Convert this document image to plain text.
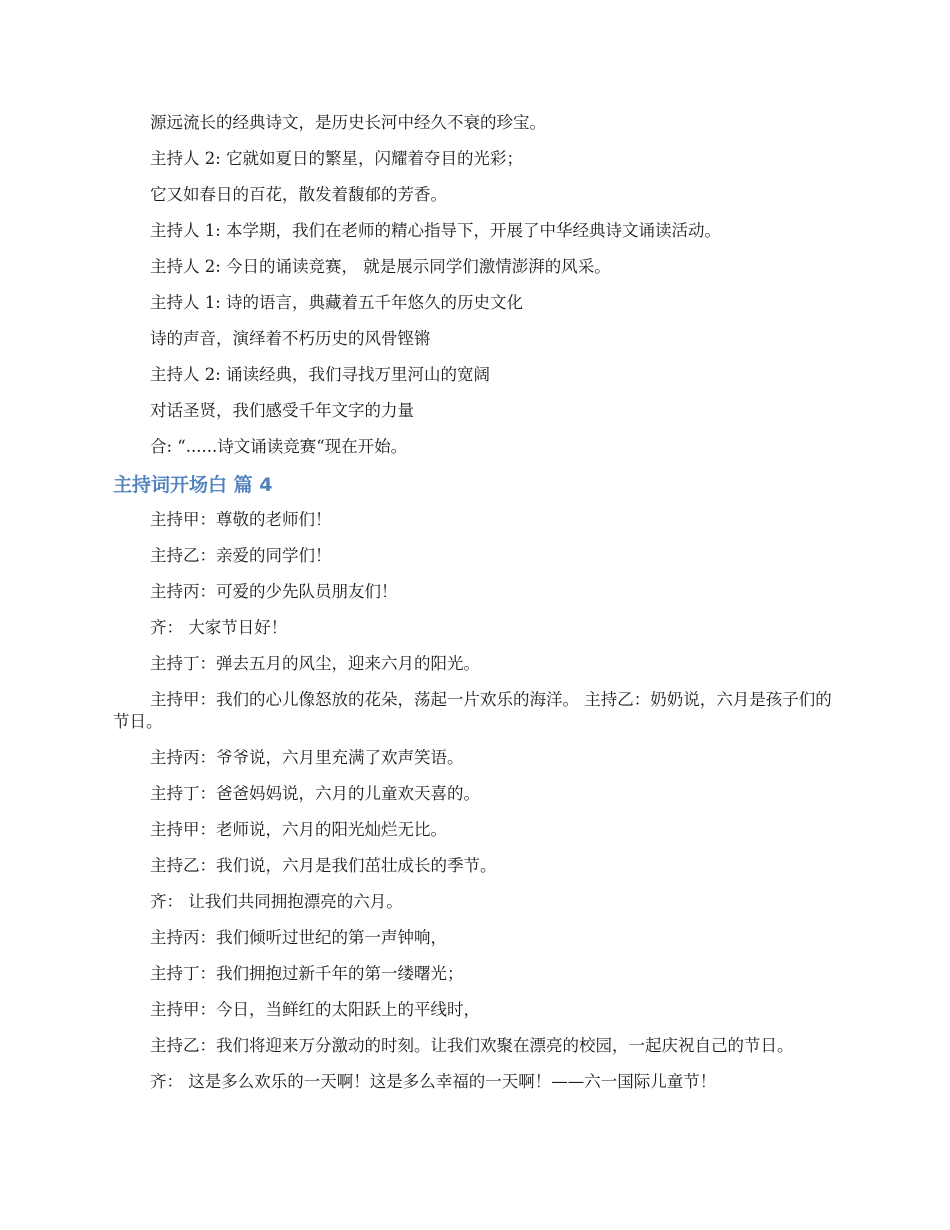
源远流长的经典诗文，是历史长河中经久不衰的珍宝。

主持人 2: 它就如夏日的繁星，闪耀着夺目的光彩；

它又如春日的百花，散发着馥郁的芳香。

主持人 1: 本学期，我们在老师的精心指导下，开展了中华经典诗文诵读活动。

主持人 2: 今日的诵读竞赛， 就是展示同学们激情澎湃的风采。

主持人 1: 诗的语言，典藏着五千年悠久的历史文化

诗的声音，演绎着不朽历史的风骨铿锵

主持人 2: 诵读经典，我们寻找万里河山的宽阔

对话圣贤，我们感受千年文字的力量

合: “......诗文诵读竞赛“现在开始。

主持词开场白 篇 4

主持甲：尊敬的老师们！

主持乙：亲爱的同学们！

主持丙：可爱的少先队员朋友们！

齐： 大家节日好！

主持丁：弹去五月的风尘，迎来六月的阳光。

主持甲：我们的心儿像怒放的花朵，荡起一片欢乐的海洋。 主持乙：奶奶说，六月是孩子们的节日。

主持丙：爷爷说，六月里充满了欢声笑语。

主持丁：爸爸妈妈说，六月的儿童欢天喜的。

主持甲：老师说，六月的阳光灿烂无比。

主持乙：我们说，六月是我们茁壮成长的季节。

齐： 让我们共同拥抱漂亮的六月。

主持丙：我们倾听过世纪的第一声钟响，

主持丁：我们拥抱过新千年的第一缕曙光；

主持甲：今日，当鲜红的太阳跃上的平线时，

主持乙：我们将迎来万分激动的时刻。让我们欢聚在漂亮的校园，一起庆祝自己的节日。

齐： 这是多么欢乐的一天啊！这是多么幸福的一天啊！——六一国际儿童节！
